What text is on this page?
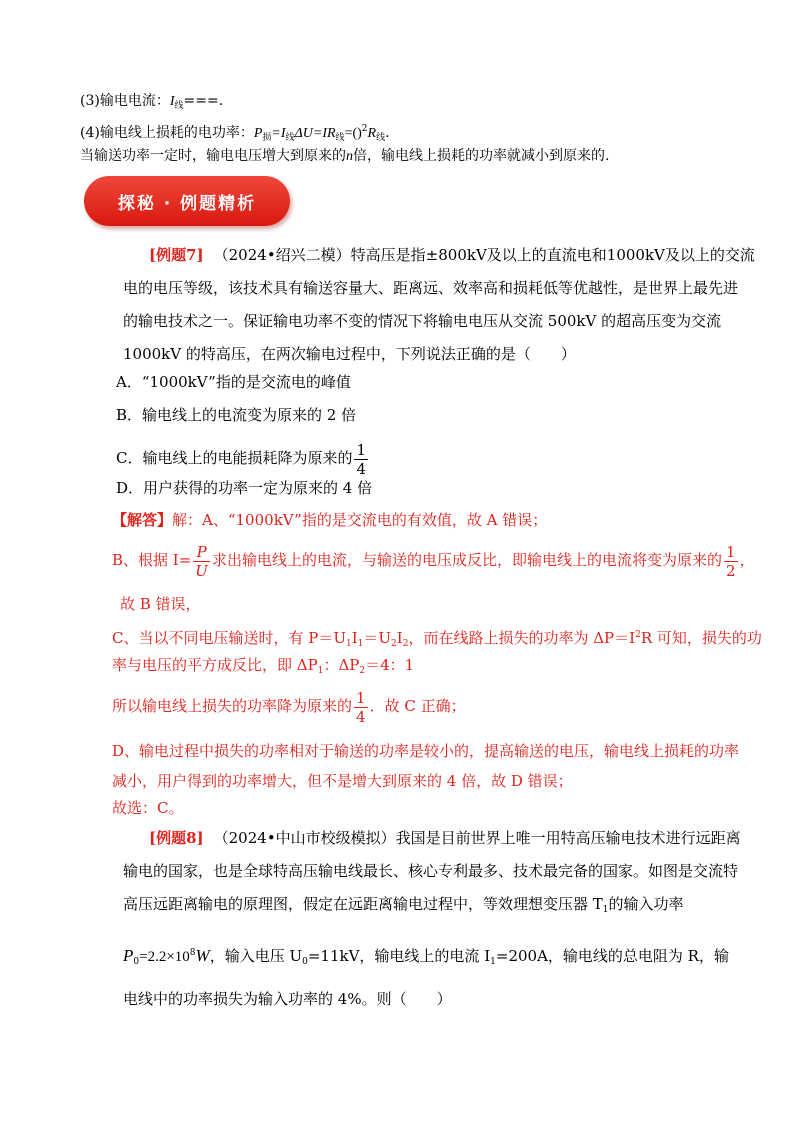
(3)输电电流：$I_线===$.
(4)输电线上损耗的电功率：$P_损=I_线\Delta U=IR_线=()^2R_线$.
当输送功率一定时，输电电压增大到原来的n倍，输电线上损耗的功率就减小到原来的.
探秘 · 例题精析
[例题7] （2024•绍兴二模）特高压是指±800kV及以上的直流电和1000kV及以上的交流
电的电压等级，该技术具有输送容量大、距离远、效率高和损耗低等优越性，是世界上最先进
的输电技术之一。保证输电功率不变的情况下将输电电压从交流 500kV 的超高压变为交流
1000kV 的特高压，在两次输电过程中，下列说法正确的是（　　）
A．“1000kV”指的是交流电的峰值
B．输电线上的电流变为原来的 2 倍
C．输电线上的电能损耗降为原来的 $\frac{1}{4}$
D．用户获得的功率一定为原来的 4 倍
【解答】解：A、“1000kV”指的是交流电的有效值，故 A 错误；
B、根据 $I= \frac{P}{U}$ 求出输电线上的电流，与输送的电压成反比，即输电线上的电流将变为原来的 $\frac{1}{2}$ ，
故 B 错误，
C、当以不同电压输送时，有 $P=U_1I_1=U_2I_2$，而在线路上损失的功率为 $\Delta P=I^2R$ 可知，损失的功
率与电压的平方成反比，即 $\Delta P_1$：$\Delta P_2=4$：1
所以输电线上损失的功率降为原来的 $\frac{1}{4}$ ．故 C 正确；
D、输电过程中损失的功率相对于输送的功率是较小的，提高输送的电压，输电线上损耗的功率
减小，用户得到的功率增大，但不是增大到原来的 4 倍，故 D 错误；
故选：C。
[例题8] （2024•中山市校级模拟）我国是目前世界上唯一用特高压输电技术进行远距离
输电的国家，也是全球特高压输电线最长、核心专利最多、技术最完备的国家。如图是交流特
高压远距离输电的原理图，假定在远距离输电过程中，等效理想变压器 $T_1$的输入功率
$P_0=2.2\times 10^8W$，输入电压 $U_0=11kV$，输电线上的电流 $I_1=200A$，输电线的总电阻为 R，输
电线中的功率损失为输入功率的 4%。则（　　）
